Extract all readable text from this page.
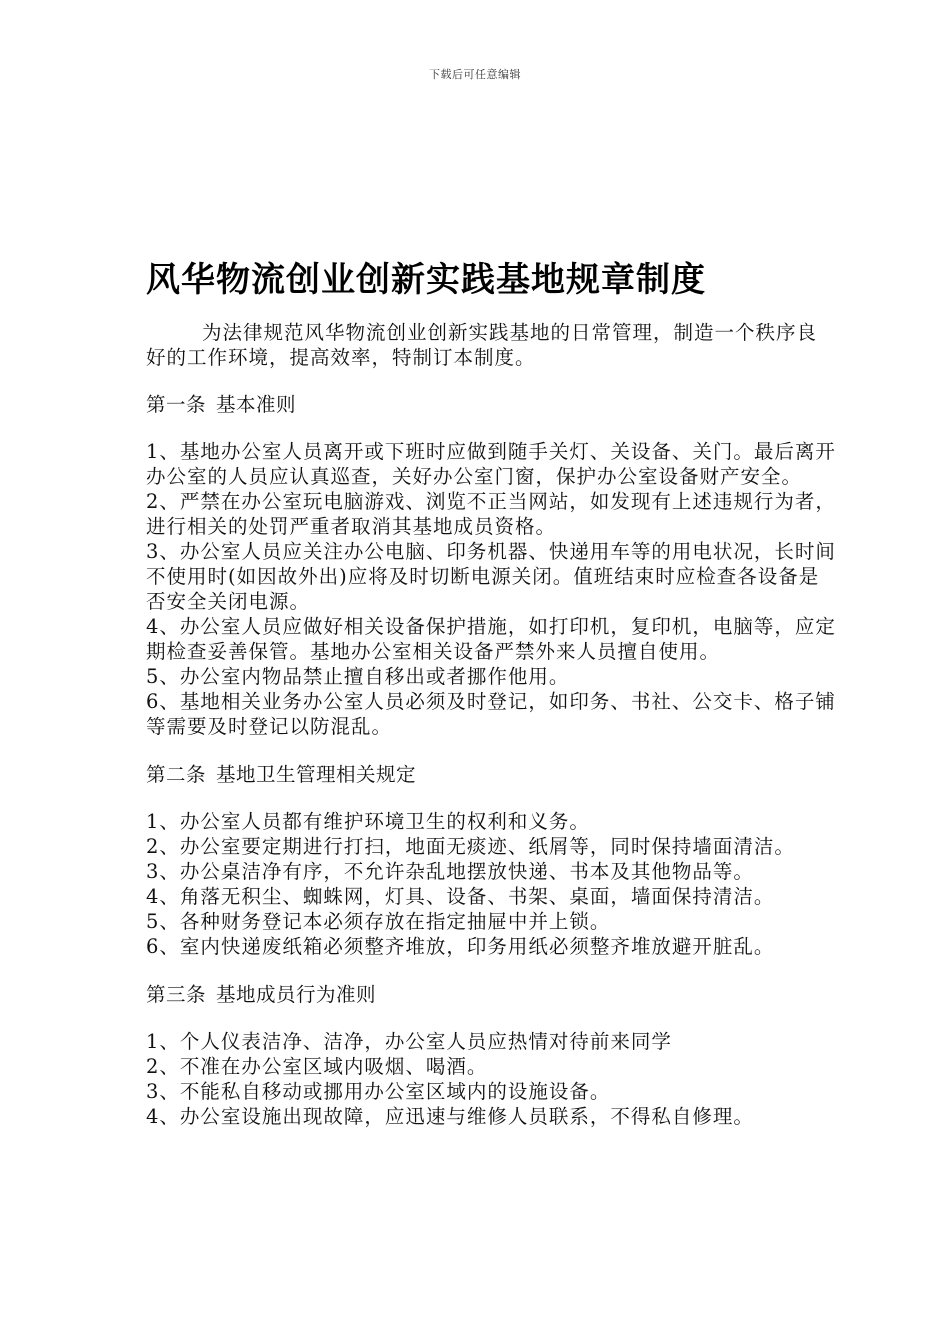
下载后可任意编辑
风华物流创业创新实践基地规章制度

为法律规范风华物流创业创新实践基地的日常管理，制造一个秩序良好的工作环境，提高效率，特制订本制度。

第一条 基本准则

1、基地办公室人员离开或下班时应做到随手关灯、关设备、关门。最后离开办公室的人员应认真巡查，关好办公室门窗，保护办公室设备财产安全。

2、严禁在办公室玩电脑游戏、浏览不正当网站，如发现有上述违规行为者，进行相关的处罚严重者取消其基地成员资格。

3、办公室人员应关注办公电脑、印务机器、快递用车等的用电状况，长时间不使用时(如因故外出)应将及时切断电源关闭。值班结束时应检查各设备是否安全关闭电源。

4、办公室人员应做好相关设备保护措施，如打印机，复印机，电脑等，应定期检查妥善保管。基地办公室相关设备严禁外来人员擅自使用。

5、办公室内物品禁止擅自移出或者挪作他用。

6、基地相关业务办公室人员必须及时登记，如印务、书社、公交卡、格子铺等需要及时登记以防混乱。

第二条 基地卫生管理相关规定

1、办公室人员都有维护环境卫生的权利和义务。

2、办公室要定期进行打扫，地面无痰迹、纸屑等，同时保持墙面清洁。

3、办公桌洁净有序，不允许杂乱地摆放快递、书本及其他物品等。

4、角落无积尘、蜘蛛网，灯具、设备、书架、桌面，墙面保持清洁。

5、各种财务登记本必须存放在指定抽屉中并上锁。

6、室内快递废纸箱必须整齐堆放，印务用纸必须整齐堆放避开脏乱。

第三条 基地成员行为准则

1、个人仪表洁净、洁净，办公室人员应热情对待前来同学

2、不准在办公室区域内吸烟、喝酒。

3、不能私自移动或挪用办公室区域内的设施设备。

4、办公室设施出现故障，应迅速与维修人员联系，不得私自修理。
